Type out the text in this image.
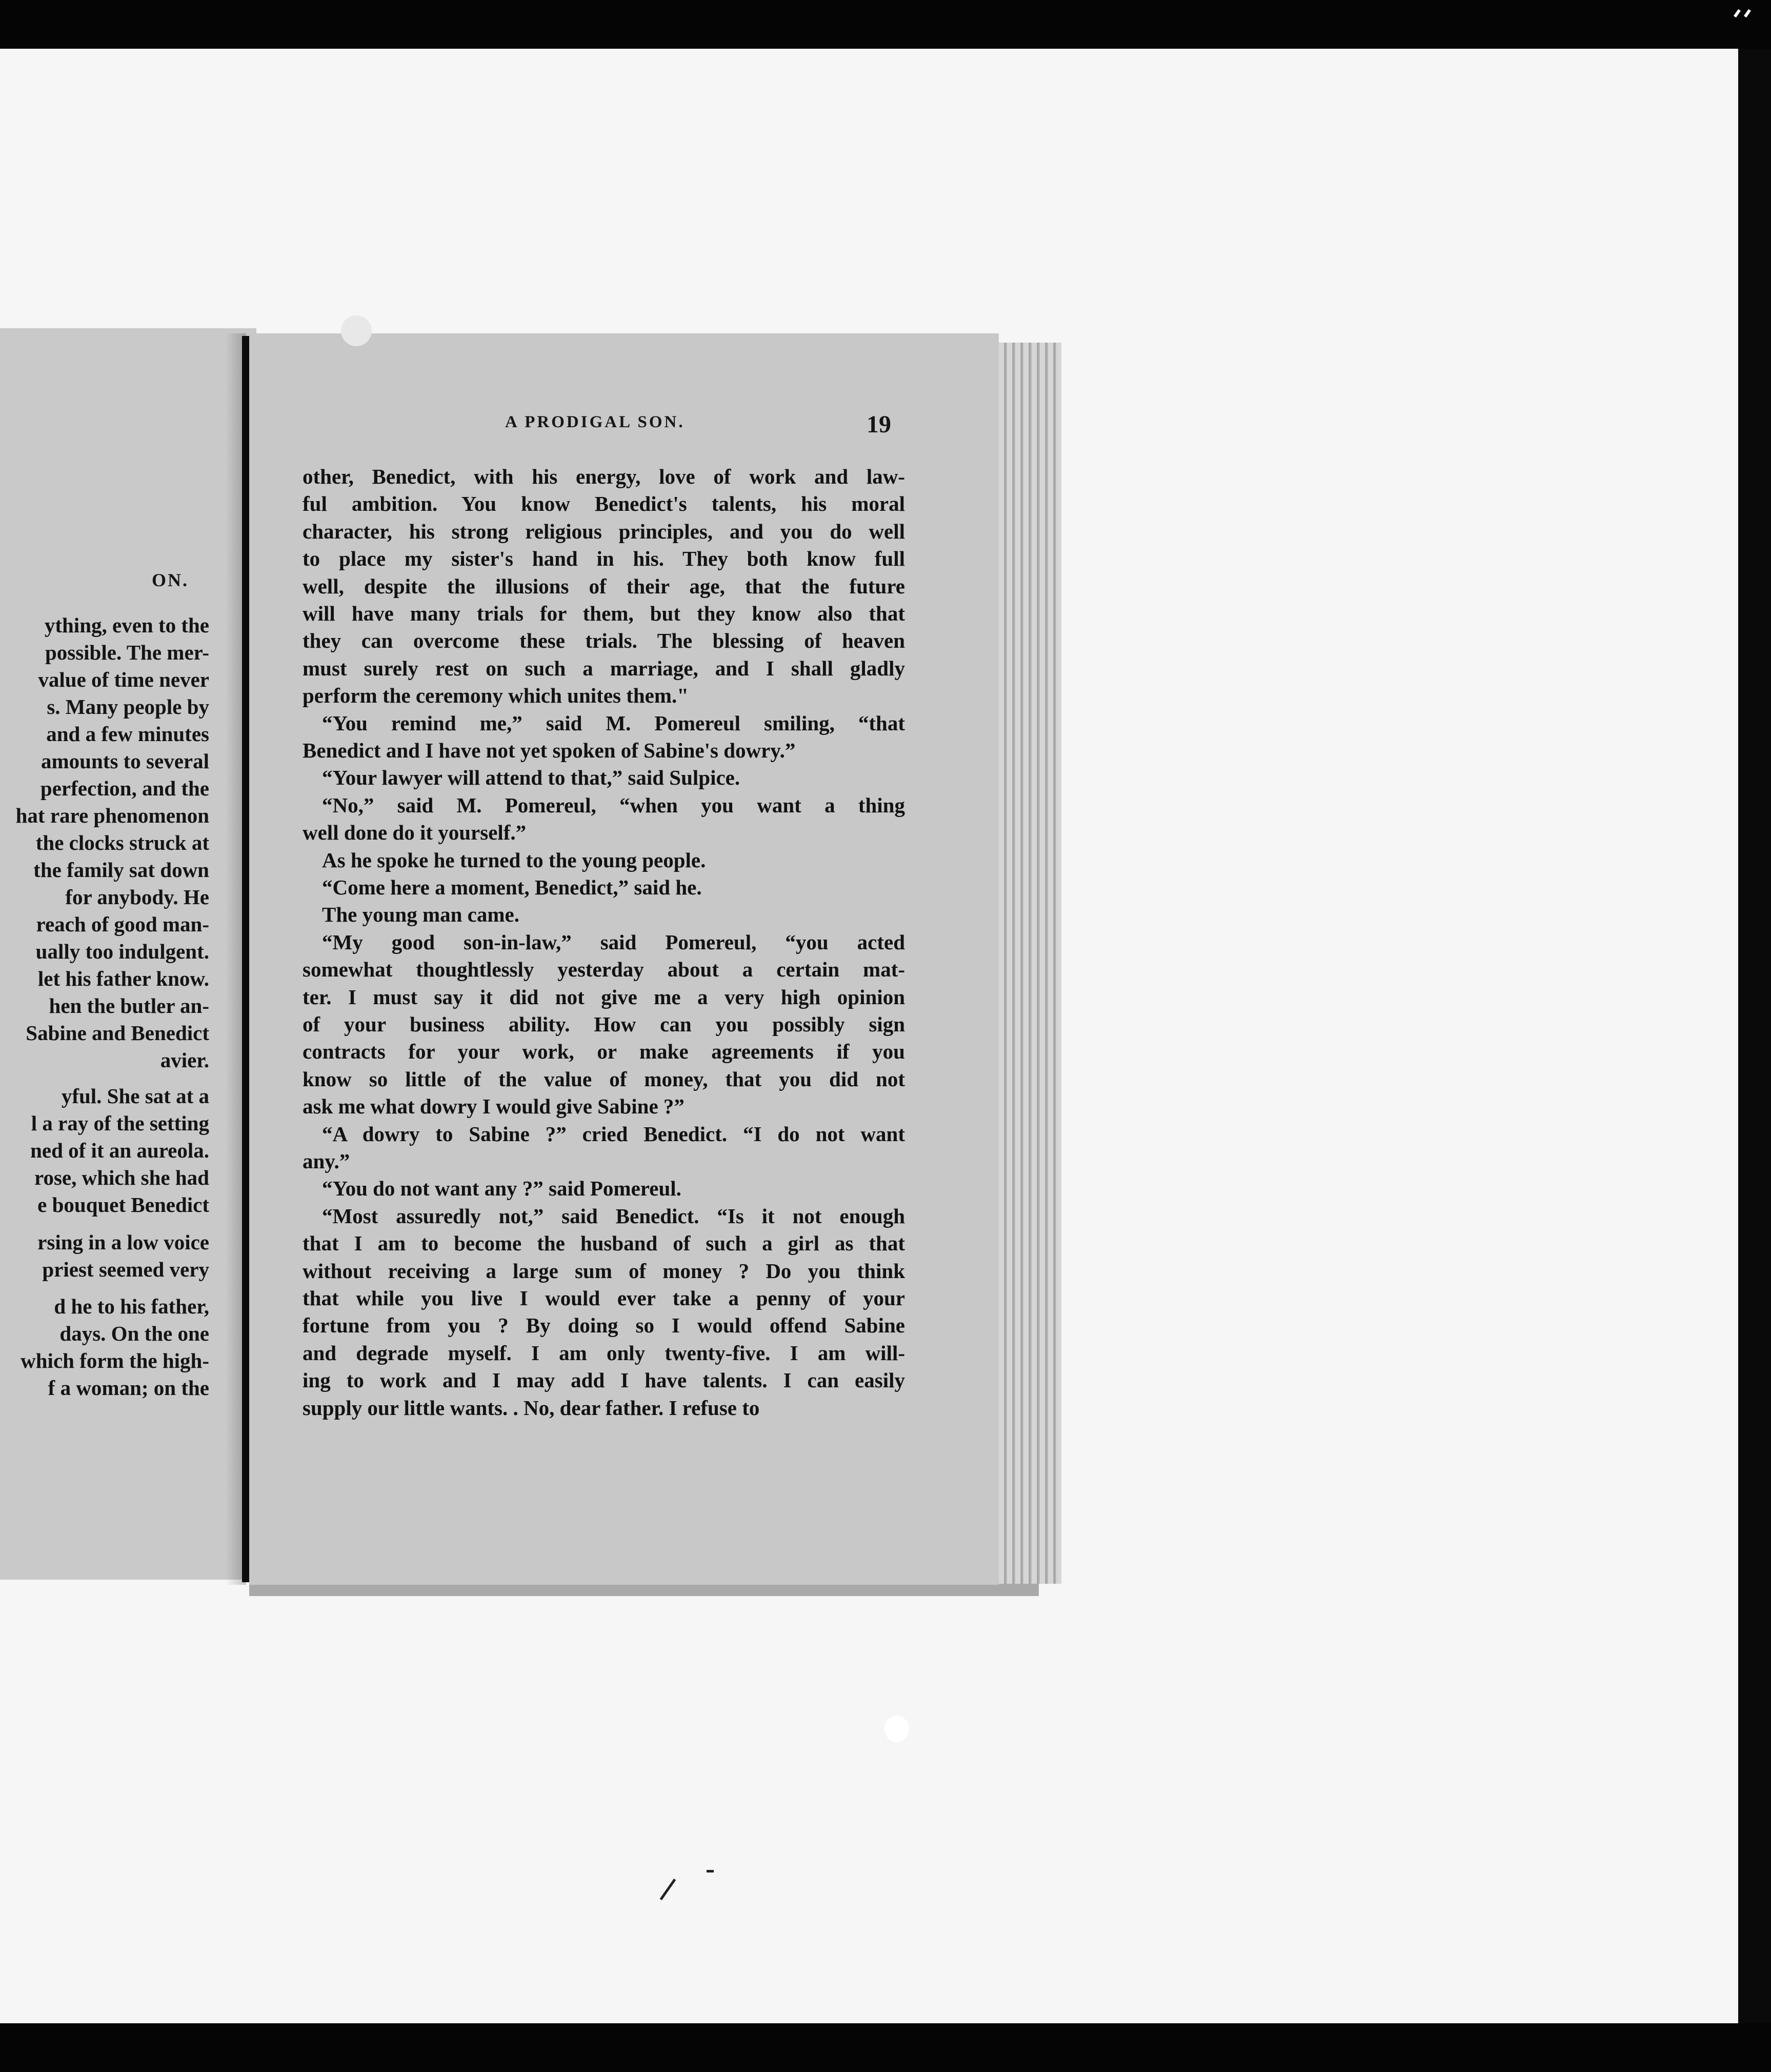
ON.
ything, even to the
possible. The mer-
value of time never
s. Many people by
and a few minutes
amounts to several
perfection, and the
hat rare phenomenon
the clocks struck at
the family sat down
for anybody. He
reach of good man-
ually too indulgent.
let his father know.
hen the butler an-
Sabine and Benedict
avier.
yful. She sat at a
l a ray of the setting
ned of it an aureola.
rose, which she had
e bouquet Benedict
rsing in a low voice
priest seemed very
d he to his father,
days. On the one
which form the high-
f a woman; on the
A PRODIGAL SON.	19
other, Benedict, with his energy, love of work and law-
ful ambition. You know Benedict's talents, his moral
character, his strong religious principles, and you do well
to place my sister's hand in his. They both know full
well, despite the illusions of their age, that the future
will have many trials for them, but they know also that
they can overcome these trials. The blessing of heaven
must surely rest on such a marriage, and I shall gladly
perform the ceremony which unites them."
“You remind me,” said M. Pomereul smiling, “that
Benedict and I have not yet spoken of Sabine's dowry.”
“Your lawyer will attend to that,” said Sulpice.
“No,” said M. Pomereul, “when you want a thing
well done do it yourself.”
As he spoke he turned to the young people.
“Come here a moment, Benedict,” said he.
The young man came.
“My good son-in-law,” said Pomereul, “you acted
somewhat thoughtlessly yesterday about a certain mat-
ter. I must say it did not give me a very high opinion
of your business ability. How can you possibly sign
contracts for your work, or make agreements if you
know so little of the value of money, that you did not
ask me what dowry I would give Sabine ?”
“A dowry to Sabine ?” cried Benedict. “I do not want
any.”
“You do not want any ?” said Pomereul.
“Most assuredly not,” said Benedict. “Is it not enough
that I am to become the husband of such a girl as that
without receiving a large sum of money ? Do you think
that while you live I would ever take a penny of your
fortune from you ? By doing so I would offend Sabine
and degrade myself. I am only twenty-five. I am will-
ing to work and I may add I have talents. I can easily
supply our little wants. . No, dear father. I refuse to
